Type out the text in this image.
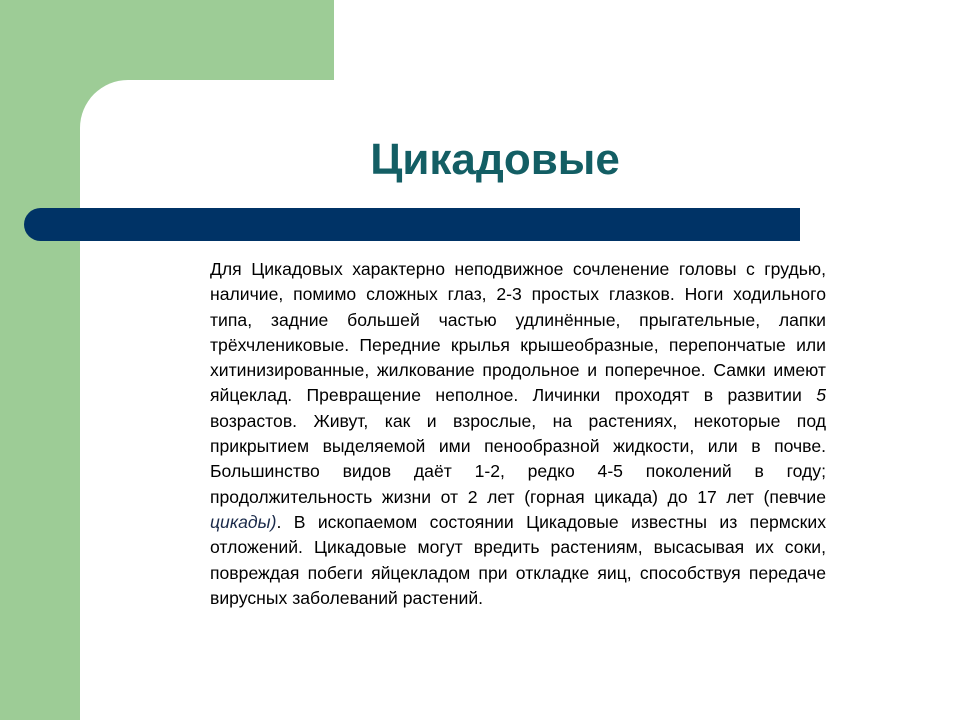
Цикадовые

Для Цикадовых характерно неподвижное сочленение головы с грудью, наличие, помимо сложных глаз, 2-3 простых глазков. Ноги ходильного типа, задние большей частью удлинённые, прыгательные, лапки трёхчлениковые. Передние крылья крышеобразные, перепончатые или хитинизированные, жилкование продольное и поперечное. Самки имеют яйцеклад. Превращение неполное. Личинки проходят в развитии 5 возрастов. Живут, как и взрослые, на растениях, некоторые под прикрытием выделяемой ими пенообразной жидкости, или в почве. Большинство видов даёт 1-2, редко 4-5 поколений в году; продолжительность жизни от 2 лет (горная цикада) до 17 лет (певчие цикады). В ископаемом состоянии Цикадовые известны из пермских отложений. Цикадовые могут вредить растениям, высасывая их соки, повреждая побеги яйцекладом при откладке яиц, способствуя передаче вирусных заболеваний растений.
